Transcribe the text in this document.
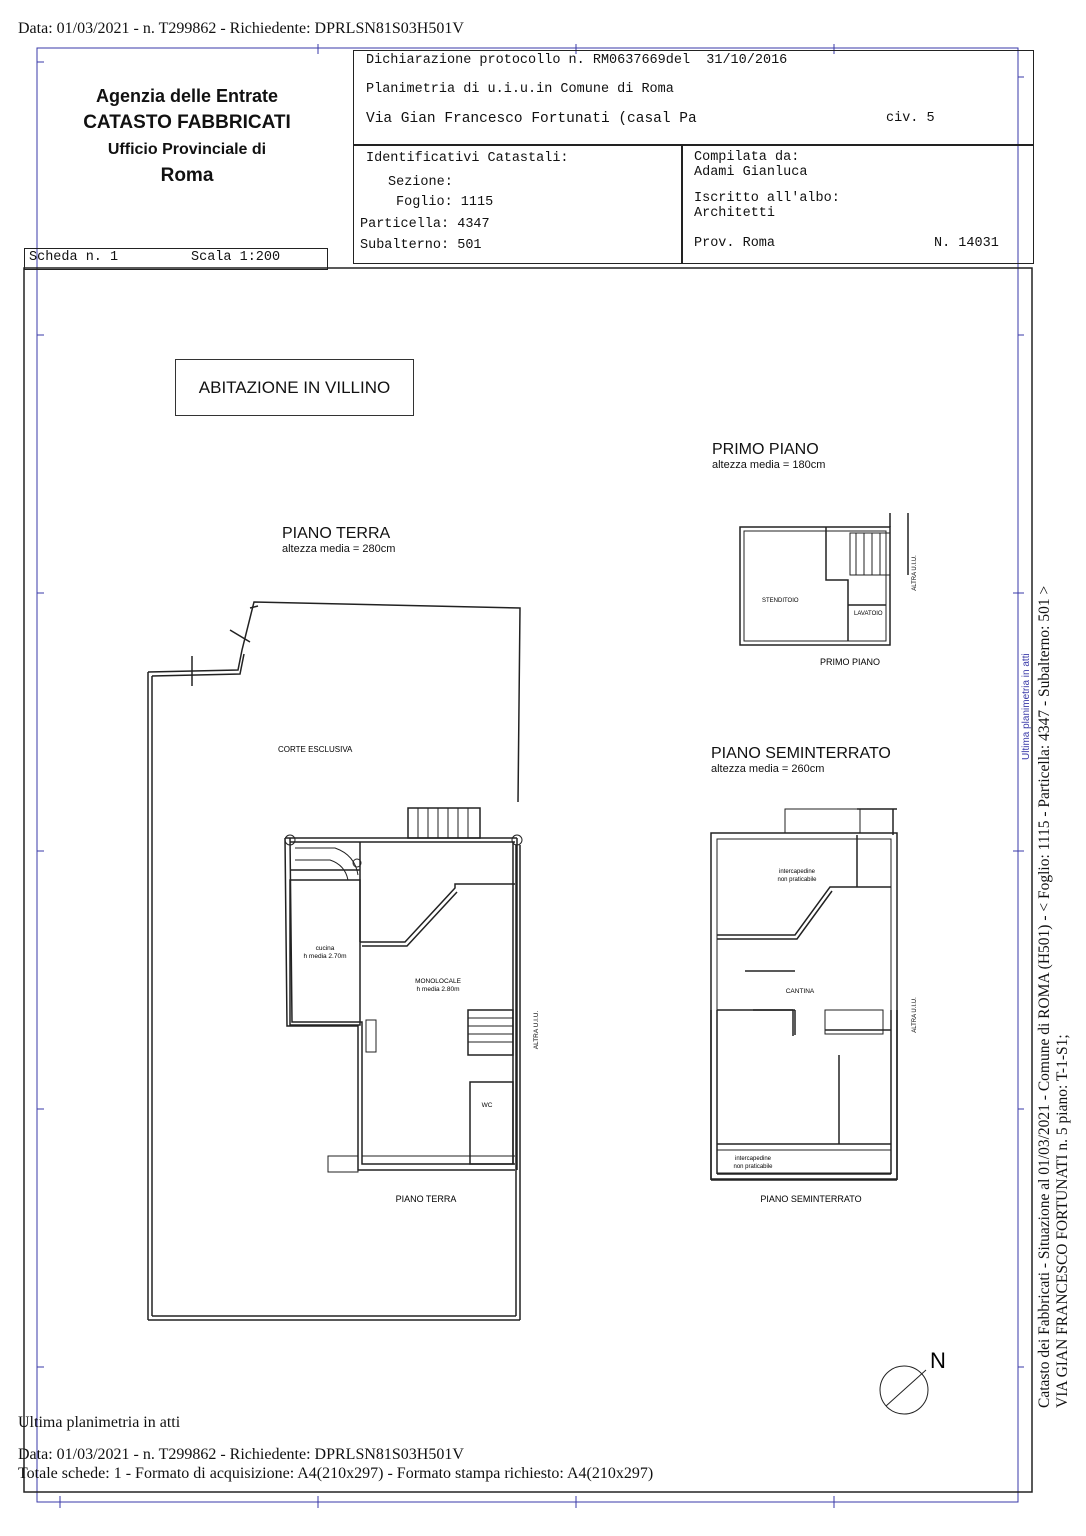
Data: 01/03/2021 - n. T299862 - Richiedente: DPRLSN81S03H501V
Agenzia delle Entrate
CATASTO FABBRICATI
Ufficio Provinciale di
Roma
Dichiarazione protocollo n. RM0637669del  31/10/2016
Planimetria di u.i.u.in Comune di Roma
Via Gian Francesco Fortunati (casal Pa	civ. 5
Identificativi Catastali:
Sezione:
Foglio: 1115
Particella: 4347
Subalterno: 501
Compilata da:
Adami Gianluca
Iscritto all'albo:
Architetti
Prov. Roma	N. 14031
Scheda n. 1	Scala 1:200
ABITAZIONE IN VILLINO
PIANO TERRA
altezza media = 280cm
PRIMO PIANO
altezza media = 180cm
PIANO SEMINTERRATO
altezza media = 260cm
CORTE ESCLUSIVA
cucina
h media 2.70m
MONOLOCALE
h media 2.80m
WC
ALTRA U.I.U.
PIANO TERRA
STENDITOIO
LAVATOIO
ALTRA U.I.U.
PRIMO PIANO
intercapedine
non praticabile
CANTINA
ALTRA U.I.U.
intercapedine
non praticabile
PIANO SEMINTERRATO
N	Catasto dei Fabbricati - Situazione al 01/03/2021 - Comune di ROMA (H501) - < Foglio: 1115 - Particella: 4347 - Subalterno: 501 > VIA GIAN FRANCESCO FORTUNATI n. 5 piano: T-1-S1;
Ultima planimetria in atti
Ultima planimetria in atti
Data: 01/03/2021 - n. T299862 - Richiedente: DPRLSN81S03H501V
Totale schede: 1 - Formato di acquisizione: A4(210x297) - Formato stampa richiesto: A4(210x297)
